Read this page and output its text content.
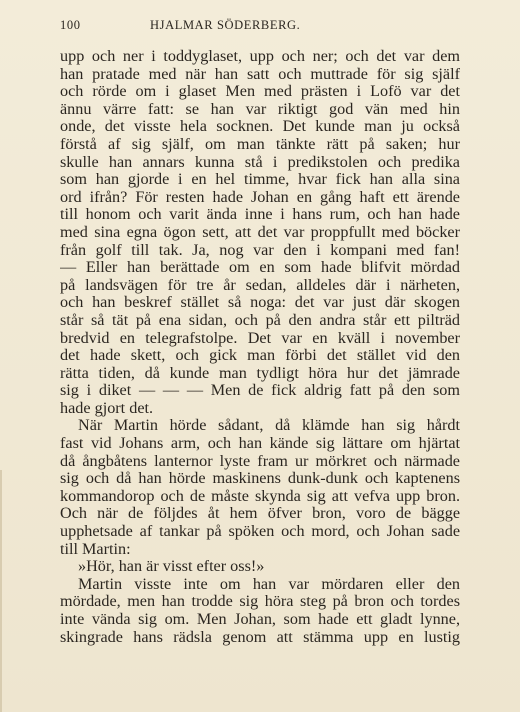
100	HJALMAR SÖDERBERG.
upp och ner i toddyglaset, upp och ner; och det var dem
han pratade med när han satt och muttrade för sig själf
och rörde om i glaset Men med prästen i Lofö var det
ännu värre fatt: se han var riktigt god vän med hin
onde, det visste hela socknen. Det kunde man ju också
förstå af sig själf, om man tänkte rätt på saken; hur
skulle han annars kunna stå i predikstolen och predika
som han gjorde i en hel timme, hvar fick han alla sina
ord ifrån? För resten hade Johan en gång haft ett ärende
till honom och varit ända inne i hans rum, och han hade
med sina egna ögon sett, att det var proppfullt med böcker
från golf till tak. Ja, nog var den i kompani med fan!
— Eller han berättade om en som hade blifvit mördad
på landsvägen för tre år sedan, alldeles där i närheten,
och han beskref stället så noga: det var just där skogen
står så tät på ena sidan, och på den andra står ett pilträd
bredvid en telegrafstolpe. Det var en kväll i november
det hade skett, och gick man förbi det stället vid den
rätta tiden, då kunde man tydligt höra hur det jämrade
sig i diket — — — Men de fick aldrig fatt på den som
hade gjort det.
När Martin hörde sådant, då klämde han sig hårdt
fast vid Johans arm, och han kände sig lättare om hjärtat
då ångbåtens lanternor lyste fram ur mörkret och närmade
sig och då han hörde maskinens dunk-dunk och kaptenens
kommandorop och de måste skynda sig att vefva upp bron.
Och när de följdes åt hem öfver bron, voro de bägge
upphetsade af tankar på spöken och mord, och Johan sade
till Martin:
»Hör, han är visst efter oss!»
Martin visste inte om han var mördaren eller den
mördade, men han trodde sig höra steg på bron och tordes
inte vända sig om. Men Johan, som hade ett gladt lynne,
skingrade hans rädsla genom att stämma upp en lustig
